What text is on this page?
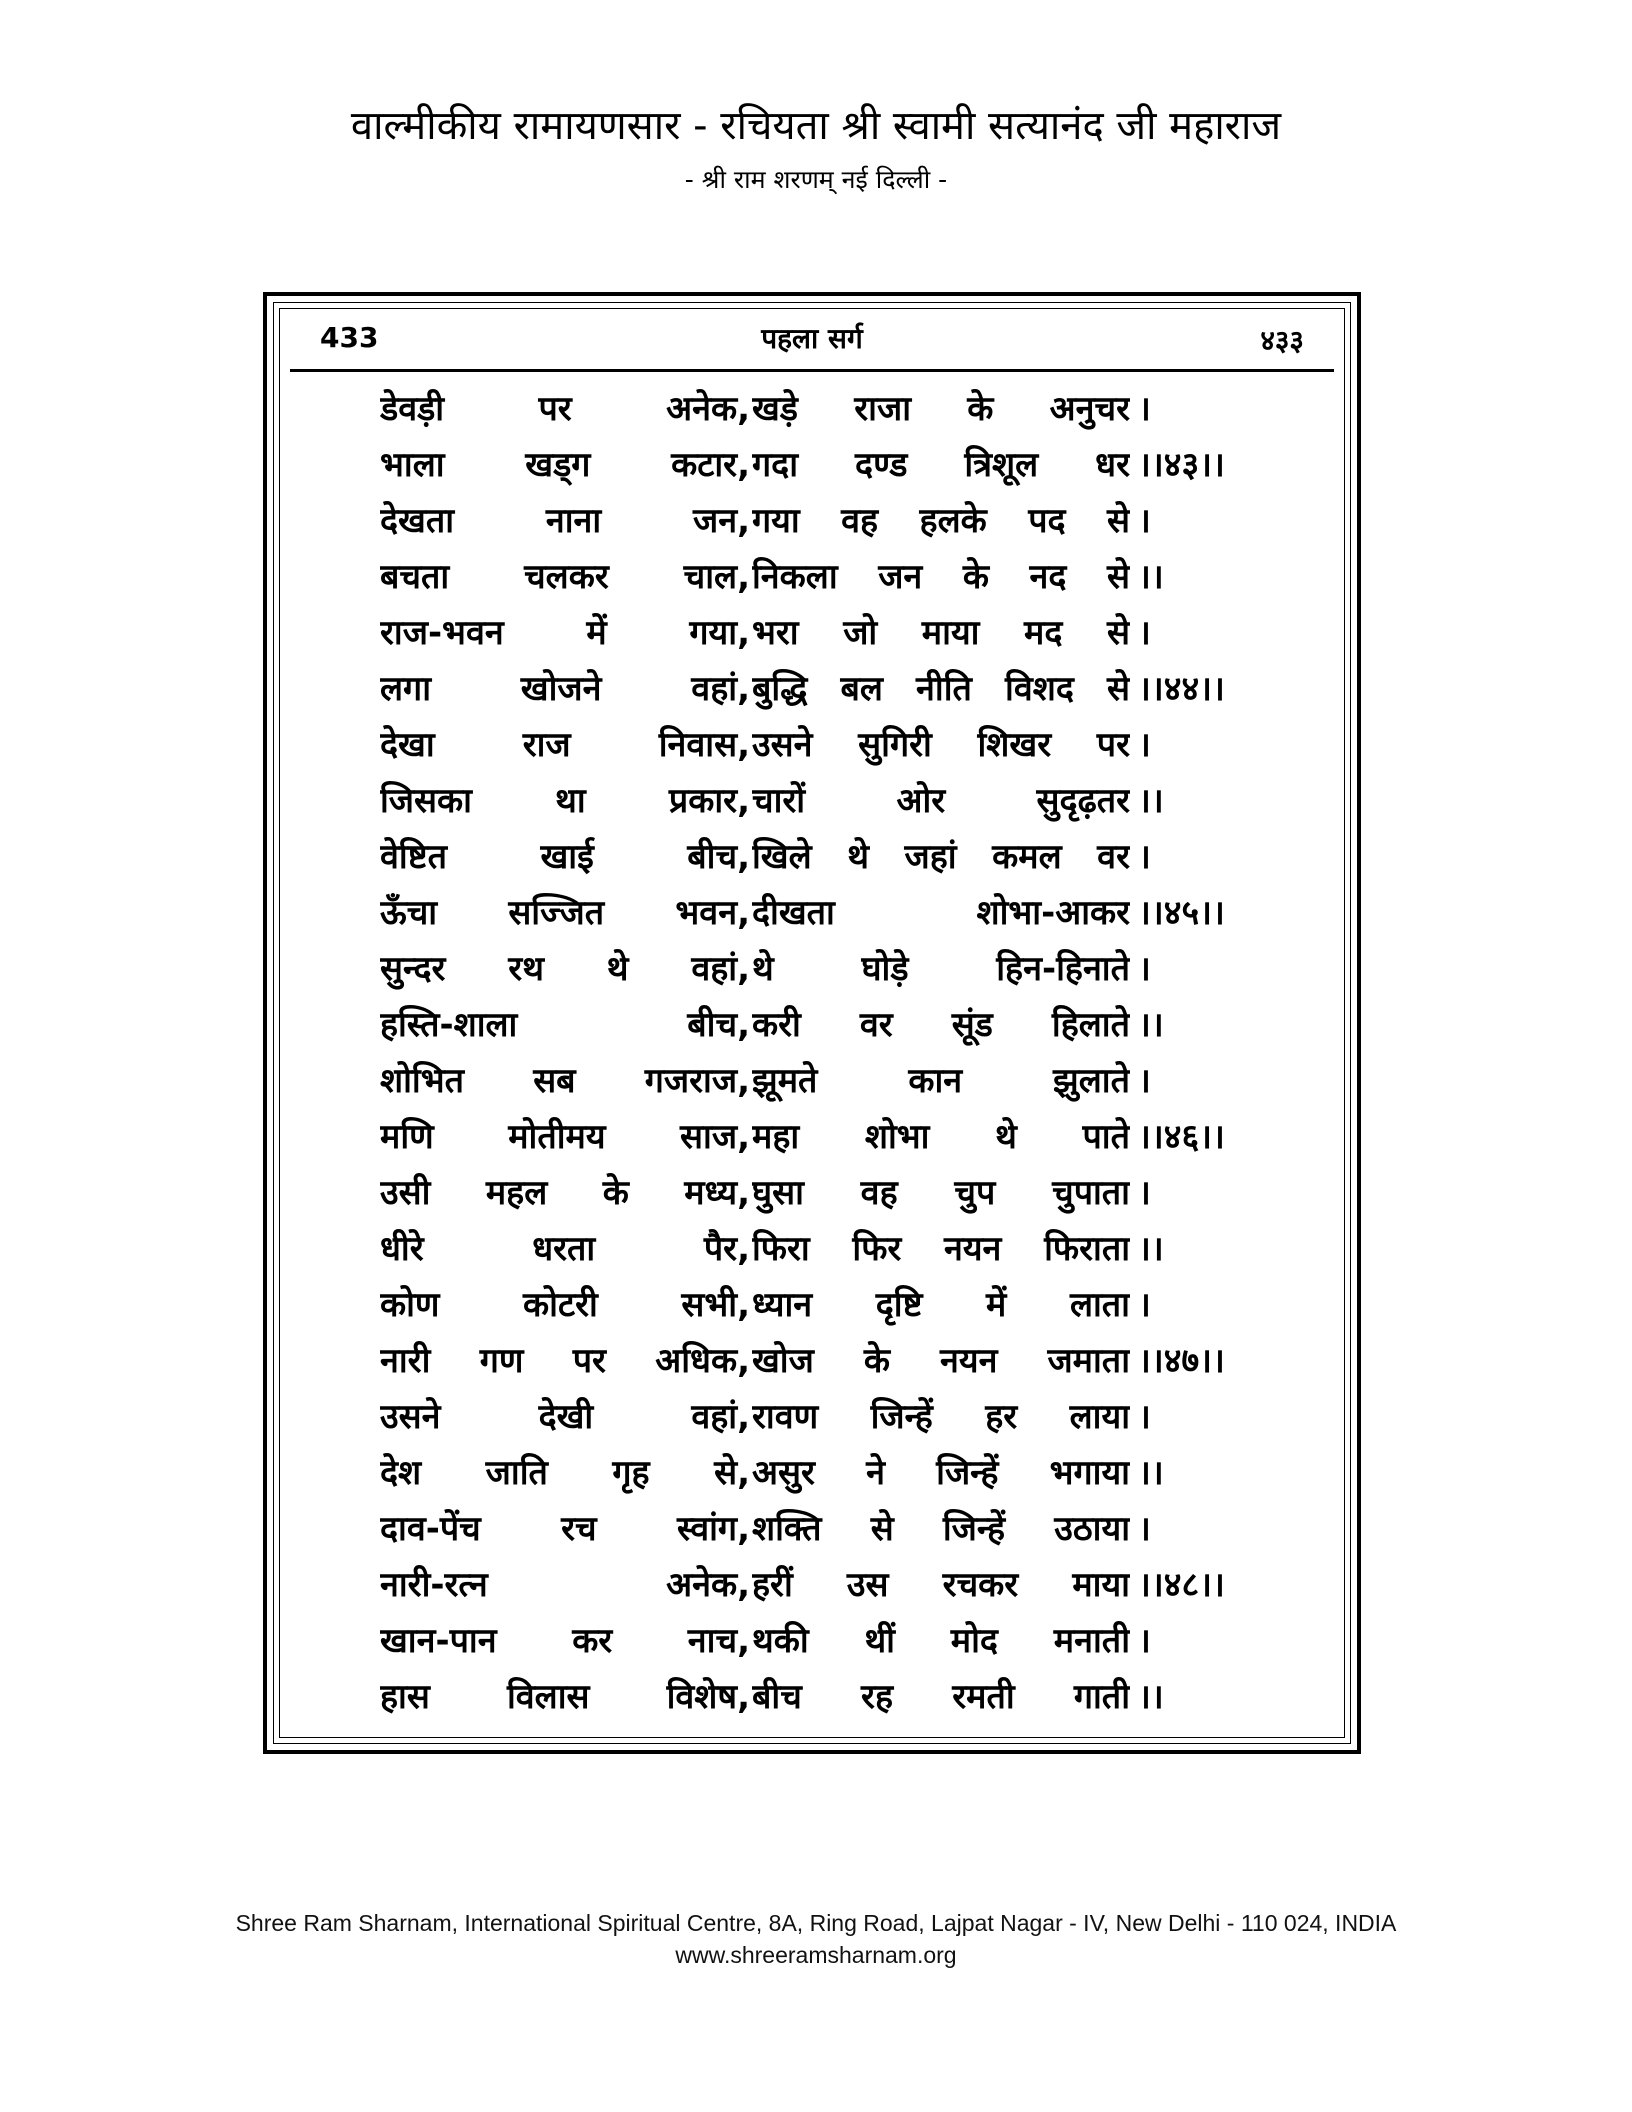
वाल्मीकीय रामायणसार - रचियता श्री स्वामी सत्यानंद जी महाराज
- श्री राम शरणम् नई दिल्ली -
433	पहला सर्ग	४३३
डेवड़ी पर अनेक, खड़े राजा के अनुचर ।
भाला खड्ग कटार, गदा दण्ड त्रिशूल धर ।।४३।।
देखता नाना जन, गया वह हलके पद से ।
बचता चलकर चाल, निकला जन के नद से ।।
राज-भवन में गया, भरा जो माया मद से ।
लगा खोजने वहां, बुद्धि बल नीति विशद से ।।४४।।
देखा राज निवास, उसने सुगिरी शिखर पर ।
जिसका था प्रकार, चारों ओर सुदृढ़तर ।।
वेष्टित खाई बीच, खिले थे जहां कमल वर ।
ऊँचा सज्जित भवन, दीखता शोभा-आकर ।।४५।।
सुन्दर रथ थे वहां, थे घोड़े हिन-हिनाते ।
हस्ति-शाला बीच, करी वर सूंड हिलाते ।।
शोभित सब गजराज, झूमते कान झुलाते ।
मणि मोतीमय साज, महा शोभा थे पाते ।।४६।।
उसी महल के मध्य, घुसा वह चुप चुपाता ।
धीरे धरता पैर, फिरा फिर नयन फिराता ।।
कोण कोटरी सभी, ध्यान दृष्टि में लाता ।
नारी गण पर अधिक, खोज के नयन जमाता ।।४७।।
उसने देखी वहां, रावण जिन्हें हर लाया ।
देश जाति गृह से, असुर ने जिन्हें भगाया ।।
दाव-पेंच रच स्वांग, शक्ति से जिन्हें उठाया ।
नारी-रत्न अनेक, हरीं उस रचकर माया ।।४८।।
खान-पान कर नाच, थकी थीं मोद मनाती ।
हास विलास विशेष, बीच रह रमती गाती ।।
Shree Ram Sharnam, International Spiritual Centre, 8A, Ring Road, Lajpat Nagar - IV, New Delhi - 110 024, INDIA
www.shreeramsharnam.org
